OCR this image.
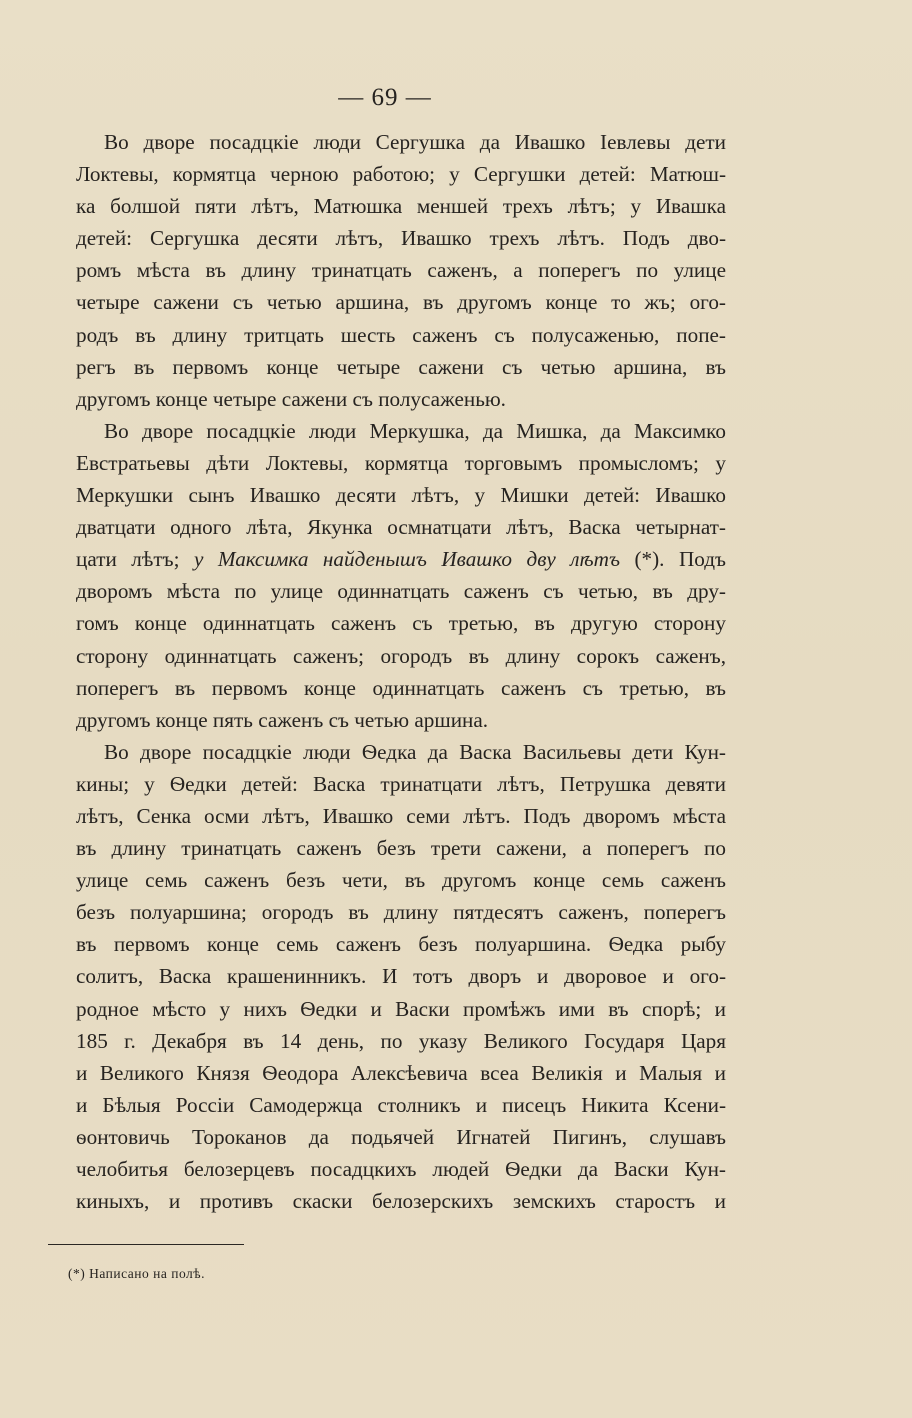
— 69 —

Во дворе посадцкіе люди Сергушка да Ивашко Іевлевы дети
Локтевы, кормятца черною работою; у Сергушки детей: Матюш-
ка болшой пяти лѣтъ, Матюшка меншей трехъ лѣтъ; у Ивашка
детей: Сергушка десяти лѣтъ, Ивашко трехъ лѣтъ. Подъ дво-
ромъ мѣста въ длину тринатцать саженъ, а поперегъ по улице
четыре сажени съ четью аршина, въ другомъ конце то жъ; ого-
родъ въ длину тритцать шесть саженъ съ полусаженью, попе-
регъ въ первомъ конце четыре сажени съ четью аршина, въ
другомъ конце четыре сажени съ полусаженью.

Во дворе посадцкіе люди Меркушка, да Мишка, да Максимко
Евстратьевы дѣти Локтевы, кормятца торговымъ промысломъ; у
Меркушки сынъ Ивашко десяти лѣтъ, у Мишки детей: Ивашко
дватцати одного лѣта, Якунка осмнатцати лѣтъ, Васка четырнат-
цати лѣтъ; у Максимка найденышъ Ивашко дву лѣтъ (*). Подъ
дворомъ мѣста по улице одиннатцать саженъ съ четью, въ дру-
гомъ конце одиннатцать саженъ съ третью, въ другую сторону
сторону одиннатцать саженъ; огородъ въ длину сорокъ саженъ,
поперегъ въ первомъ конце одиннатцать саженъ съ третью, въ
другомъ конце пять саженъ съ четью аршина.

Во дворе посадцкіе люди Ѳедка да Васка Васильевы дети Кун-
кины; у Ѳедки детей: Васка тринатцати лѣтъ, Петрушка девяти
лѣтъ, Сенка осми лѣтъ, Ивашко семи лѣтъ. Подъ дворомъ мѣста
въ длину тринатцать саженъ безъ трети сажени, а поперегъ по
улице семь саженъ безъ чети, въ другомъ конце семь саженъ
безъ полуаршина; огородъ въ длину пятдесятъ саженъ, поперегъ
въ первомъ конце семь саженъ безъ полуаршина. Ѳедка рыбу
солитъ, Васка крашенинникъ. И тотъ дворъ и дворовое и ого-
родное мѣсто у нихъ Ѳедки и Васки промѣжъ ими въ спорѣ; и
185 г. Декабря въ 14 день, по указу Великого Государя Царя
и Великого Князя Ѳеодора Алексѣевича всеа Великія и Малыя и
и Бѣлыя Россіи Самодержца столникъ и писецъ Никита Ксени-
ѳонтовичь Тороканов да подьячей Игнатей Пигинъ, слушавъ
челобитья белозерцевъ посадцкихъ людей Ѳедки да Васки Кун-
киныхъ, и противъ скаски белозерскихъ земскихъ старостъ и

(*) Написано на полѣ.
